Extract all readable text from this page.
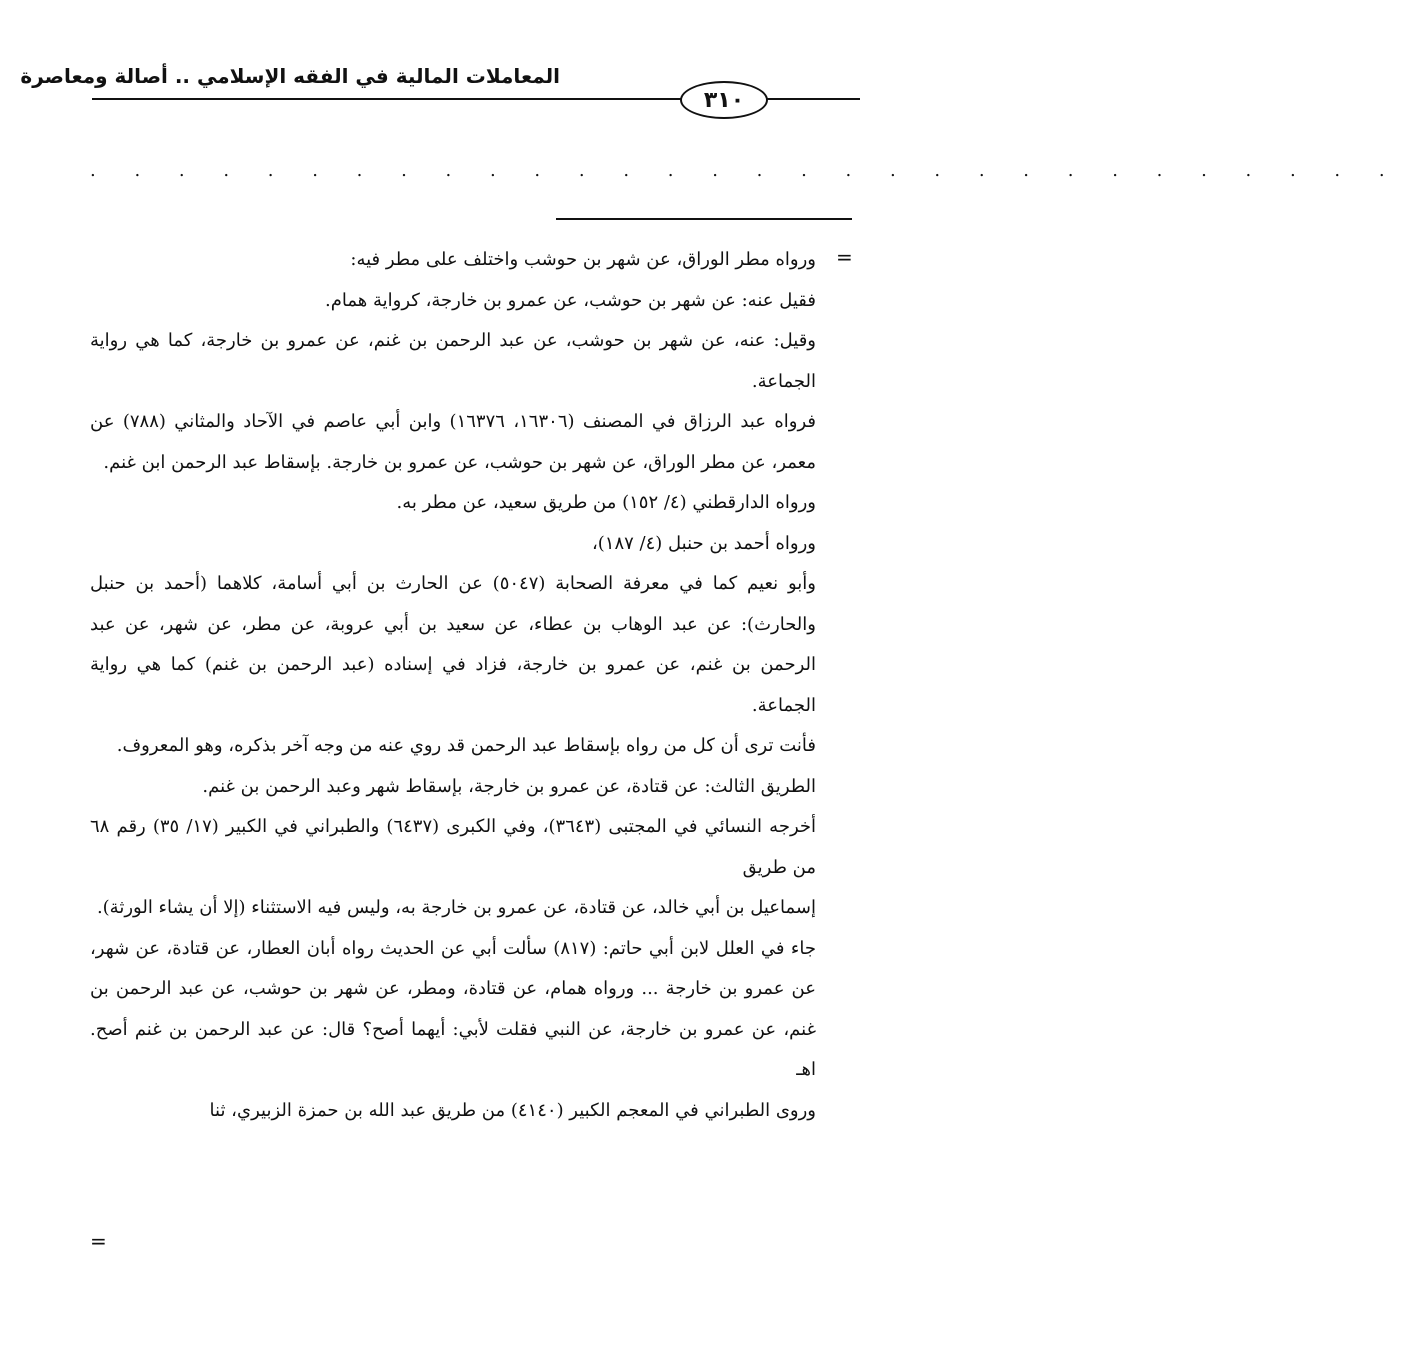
المعاملات المالية في الفقه الإسلامي .. أصالة ومعاصرة
٣١٠
. . . . . . . . . . . . . . . . . . . . . . . . . . . . . .
=

ورواه مطر الوراق، عن شهر بن حوشب واختلف على مطر فيه:

فقيل عنه: عن شهر بن حوشب، عن عمرو بن خارجة، كرواية همام.

وقيل: عنه، عن شهر بن حوشب، عن عبد الرحمن بن غنم، عن عمرو بن خارجة، كما هي رواية الجماعة.

فرواه عبد الرزاق في المصنف (١٦٣٠٦، ١٦٣٧٦) وابن أبي عاصم في الآحاد والمثاني (٧٨٨) عن معمر، عن مطر الوراق، عن شهر بن حوشب، عن عمرو بن خارجة. بإسقاط عبد الرحمن ابن غنم.

ورواه الدارقطني (٤/ ١٥٢) من طريق سعيد، عن مطر به.

ورواه أحمد بن حنبل (٤/ ١٨٧)،

وأبو نعيم كما في معرفة الصحابة (٥٠٤٧) عن الحارث بن أبي أسامة، كلاهما (أحمد بن حنبل والحارث): عن عبد الوهاب بن عطاء، عن سعيد بن أبي عروبة، عن مطر، عن شهر، عن عبد الرحمن بن غنم، عن عمرو بن خارجة، فزاد في إسناده (عبد الرحمن بن غنم) كما هي رواية الجماعة.

فأنت ترى أن كل من رواه بإسقاط عبد الرحمن قد روي عنه من وجه آخر بذكره، وهو المعروف.

الطريق الثالث: عن قتادة، عن عمرو بن خارجة، بإسقاط شهر وعبد الرحمن بن غنم.

أخرجه النسائي في المجتبى (٣٦٤٣)، وفي الكبرى (٦٤٣٧) والطبراني في الكبير (١٧/ ٣٥) رقم ٦٨ من طريق

إسماعيل بن أبي خالد، عن قتادة، عن عمرو بن خارجة به، وليس فيه الاستثناء (إلا أن يشاء الورثة).

جاء في العلل لابن أبي حاتم: (٨١٧) سألت أبي عن الحديث رواه أبان العطار، عن قتادة، عن شهر، عن عمرو بن خارجة ... ورواه همام، عن قتادة، ومطر، عن شهر بن حوشب، عن عبد الرحمن بن غنم، عن عمرو بن خارجة، عن النبي فقلت لأبي: أيهما أصح؟ قال: عن عبد الرحمن بن غنم أصح. اهـ

وروى الطبراني في المعجم الكبير (٤١٤٠) من طريق عبد الله بن حمزة الزبيري، ثنا

=
